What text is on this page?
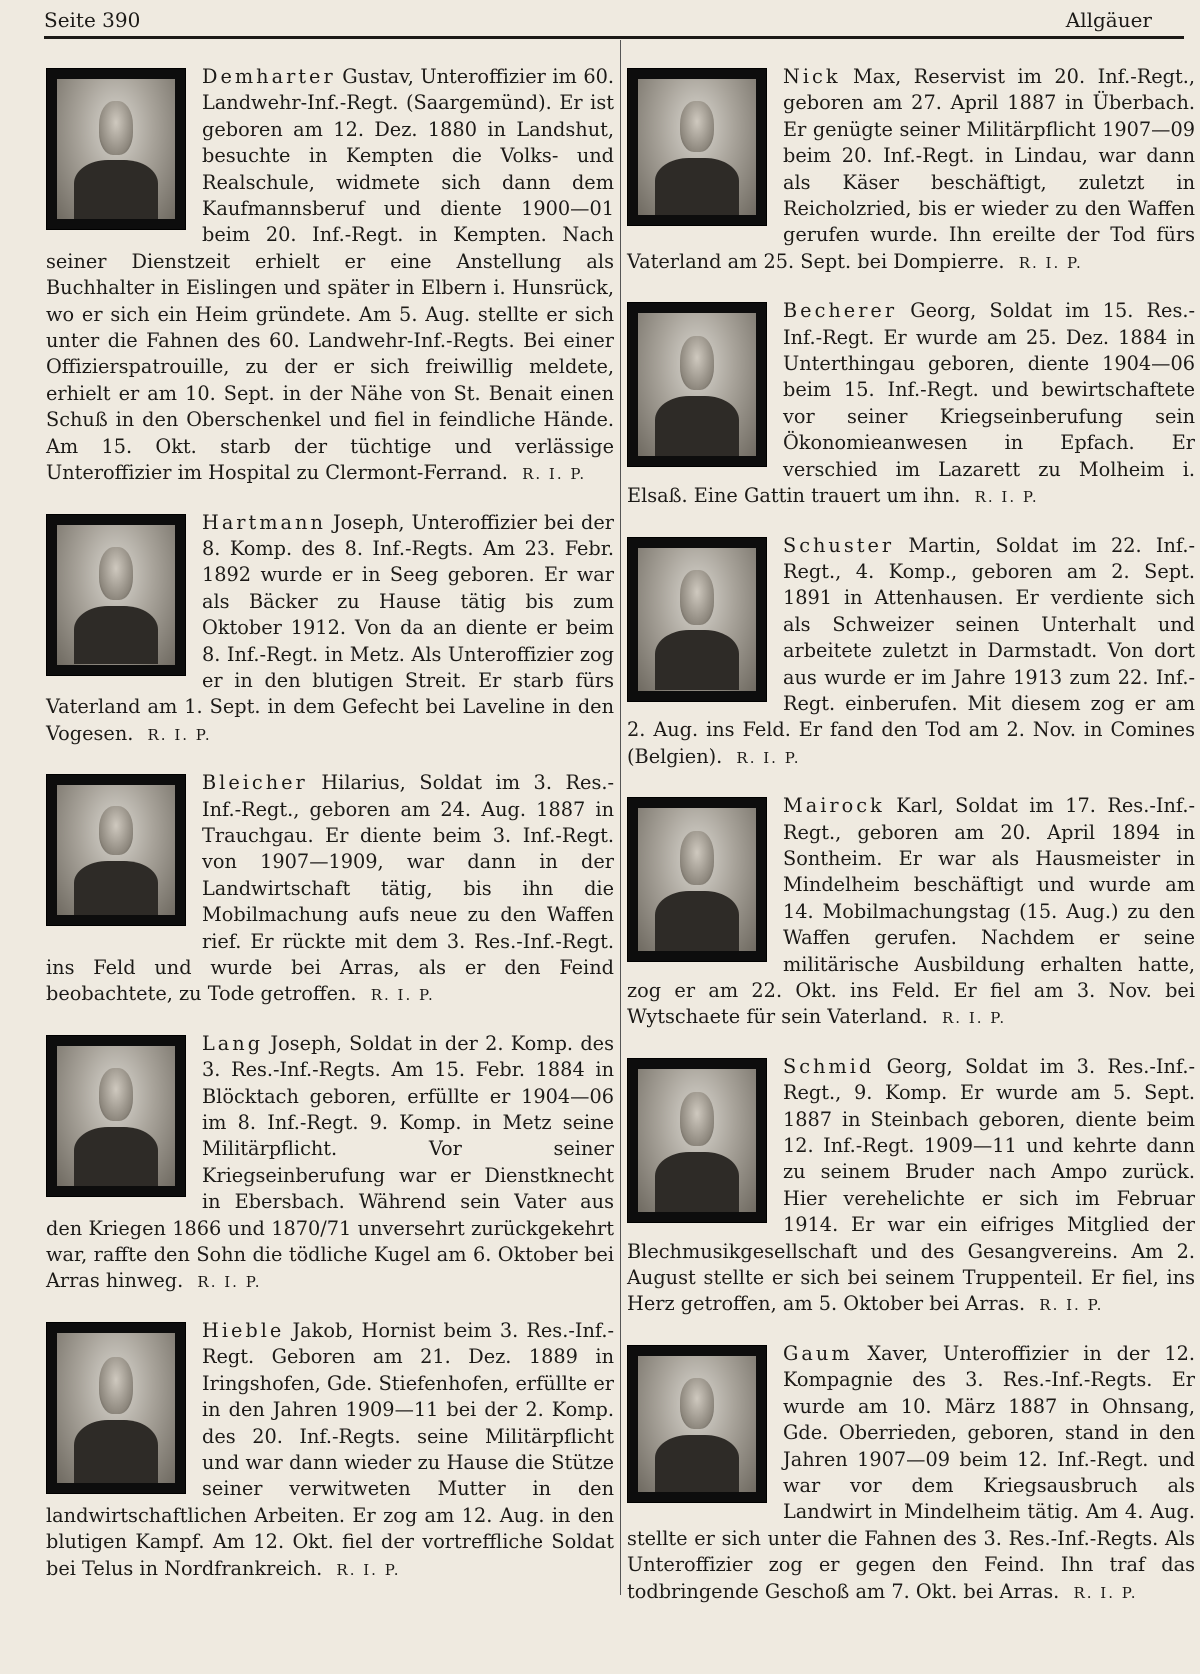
Seite 390	Allgäuer
Demharter Gustav, Unteroffizier im 60. Landwehr-Inf.-Regt. (Saargemünd). Er ist geboren am 12. Dez. 1880 in Landshut, besuchte in Kempten die Volks- und Realschule, widmete sich dann dem Kaufmannsberuf und diente 1900—01 beim 20. Inf.-Regt. in Kempten. Nach seiner Dienstzeit erhielt er eine Anstellung als Buchhalter in Eislingen und später in Elbern i. Hunsrück, wo er sich ein Heim gründete. Am 5. Aug. stellte er sich unter die Fahnen des 60. Landwehr-Inf.-Regts. Bei einer Offizierspatrouille, zu der er sich freiwillig meldete, erhielt er am 10. Sept. in der Nähe von St. Benait einen Schuß in den Oberschenkel und fiel in feindliche Hände. Am 15. Okt. starb der tüchtige und verlässige Unteroffizier im Hospital zu Clermont-Ferrand. R. I. P.
Hartmann Joseph, Unteroffizier bei der 8. Komp. des 8. Inf.-Regts. Am 23. Febr. 1892 wurde er in Seeg geboren. Er war als Bäcker zu Hause tätig bis zum Oktober 1912. Von da an diente er beim 8. Inf.-Regt. in Metz. Als Unteroffizier zog er in den blutigen Streit. Er starb fürs Vaterland am 1. Sept. in dem Gefecht bei Laveline in den Vogesen. R. I. P.
Bleicher Hilarius, Soldat im 3. Res.-Inf.-Regt., geboren am 24. Aug. 1887 in Trauchgau. Er diente beim 3. Inf.-Regt. von 1907—1909, war dann in der Landwirtschaft tätig, bis ihn die Mobilmachung aufs neue zu den Waffen rief. Er rückte mit dem 3. Res.-Inf.-Regt. ins Feld und wurde bei Arras, als er den Feind beobachtete, zu Tode getroffen. R. I. P.
Lang Joseph, Soldat in der 2. Komp. des 3. Res.-Inf.-Regts. Am 15. Febr. 1884 in Blöcktach geboren, erfüllte er 1904—06 im 8. Inf.-Regt. 9. Komp. in Metz seine Militärpflicht. Vor seiner Kriegseinberufung war er Dienstknecht in Ebersbach. Während sein Vater aus den Kriegen 1866 und 1870/71 unversehrt zurückgekehrt war, raffte den Sohn die tödliche Kugel am 6. Oktober bei Arras hinweg. R. I. P.
Hieble Jakob, Hornist beim 3. Res.-Inf.-Regt. Geboren am 21. Dez. 1889 in Iringshofen, Gde. Stiefenhofen, erfüllte er in den Jahren 1909—11 bei der 2. Komp. des 20. Inf.-Regts. seine Militärpflicht und war dann wieder zu Hause die Stütze seiner verwitweten Mutter in den landwirtschaftlichen Arbeiten. Er zog am 12. Aug. in den blutigen Kampf. Am 12. Okt. fiel der vortreffliche Soldat bei Telus in Nordfrankreich. R. I. P.
Nick Max, Reservist im 20. Inf.-Regt., geboren am 27. April 1887 in Überbach. Er genügte seiner Militärpflicht 1907—09 beim 20. Inf.-Regt. in Lindau, war dann als Käser beschäftigt, zuletzt in Reicholzried, bis er wieder zu den Waffen gerufen wurde. Ihn ereilte der Tod fürs Vaterland am 25. Sept. bei Dompierre. R. I. P.
Becherer Georg, Soldat im 15. Res.-Inf.-Regt. Er wurde am 25. Dez. 1884 in Unterthingau geboren, diente 1904—06 beim 15. Inf.-Regt. und bewirtschaftete vor seiner Kriegseinberufung sein Ökonomieanwesen in Epfach. Er verschied im Lazarett zu Molheim i. Elsaß. Eine Gattin trauert um ihn. R. I. P.
Schuster Martin, Soldat im 22. Inf.-Regt., 4. Komp., geboren am 2. Sept. 1891 in Attenhausen. Er verdiente sich als Schweizer seinen Unterhalt und arbeitete zuletzt in Darmstadt. Von dort aus wurde er im Jahre 1913 zum 22. Inf.-Regt. einberufen. Mit diesem zog er am 2. Aug. ins Feld. Er fand den Tod am 2. Nov. in Comines (Belgien). R. I. P.
Mairock Karl, Soldat im 17. Res.-Inf.-Regt., geboren am 20. April 1894 in Sontheim. Er war als Hausmeister in Mindelheim beschäftigt und wurde am 14. Mobilmachungstag (15. Aug.) zu den Waffen gerufen. Nachdem er seine militärische Ausbildung erhalten hatte, zog er am 22. Okt. ins Feld. Er fiel am 3. Nov. bei Wytschaete für sein Vaterland. R. I. P.
Schmid Georg, Soldat im 3. Res.-Inf.-Regt., 9. Komp. Er wurde am 5. Sept. 1887 in Steinbach geboren, diente beim 12. Inf.-Regt. 1909—11 und kehrte dann zu seinem Bruder nach Ampo zurück. Hier verehelichte er sich im Februar 1914. Er war ein eifriges Mitglied der Blechmusikgesellschaft und des Gesangvereins. Am 2. August stellte er sich bei seinem Truppenteil. Er fiel, ins Herz getroffen, am 5. Oktober bei Arras. R. I. P.
Gaum Xaver, Unteroffizier in der 12. Kompagnie des 3. Res.-Inf.-Regts. Er wurde am 10. März 1887 in Ohnsang, Gde. Oberrieden, geboren, stand in den Jahren 1907—09 beim 12. Inf.-Regt. und war vor dem Kriegsausbruch als Landwirt in Mindelheim tätig. Am 4. Aug. stellte er sich unter die Fahnen des 3. Res.-Inf.-Regts. Als Unteroffizier zog er gegen den Feind. Ihn traf das todbringende Geschoß am 7. Okt. bei Arras. R. I. P.
